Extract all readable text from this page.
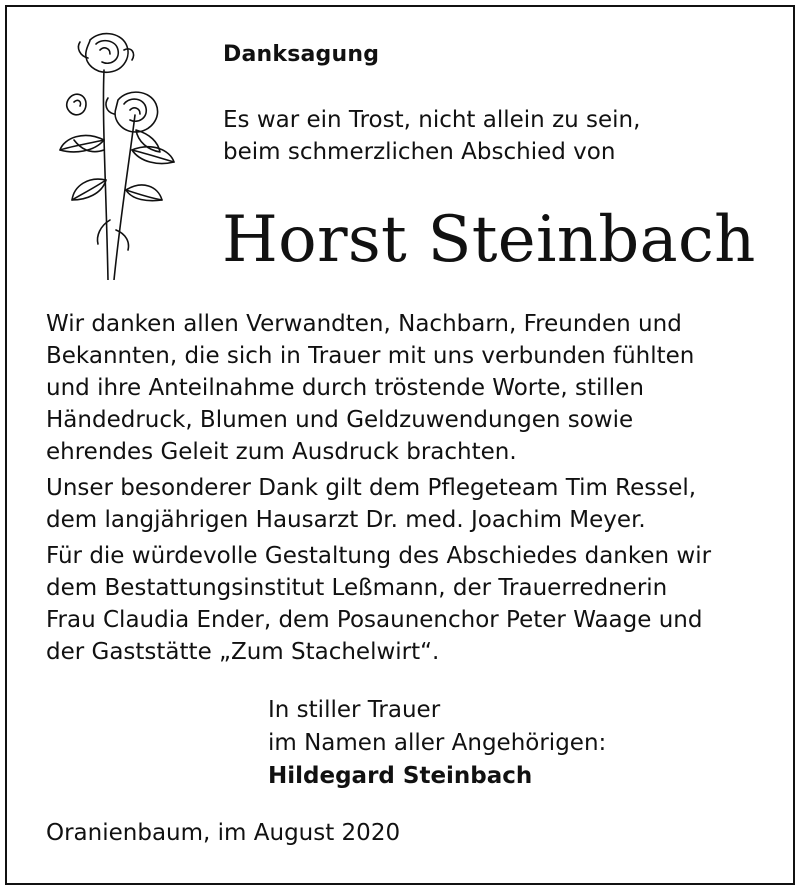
Danksagung
Es war ein Trost, nicht allein zu sein,
beim schmerzlichen Abschied von
Horst Steinbach

Wir danken allen Verwandten, Nachbarn, Freunden und
Bekannten, die sich in Trauer mit uns verbunden fühlten
und ihre Anteilnahme durch tröstende Worte, stillen
Händedruck, Blumen und Geldzuwendungen sowie
ehrendes Geleit zum Ausdruck brachten.

Unser besonderer Dank gilt dem Pflegeteam Tim Ressel,
dem langjährigen Hausarzt Dr. med. Joachim Meyer.

Für die würdevolle Gestaltung des Abschiedes danken wir
dem Bestattungsinstitut Leßmann, der Trauerrednerin
Frau Claudia Ender, dem Posaunenchor Peter Waage und
der Gaststätte „Zum Stachelwirt“.

In stiller Trauer
im Namen aller Angehörigen:
Hildegard Steinbach
Oranienbaum, im August 2020
